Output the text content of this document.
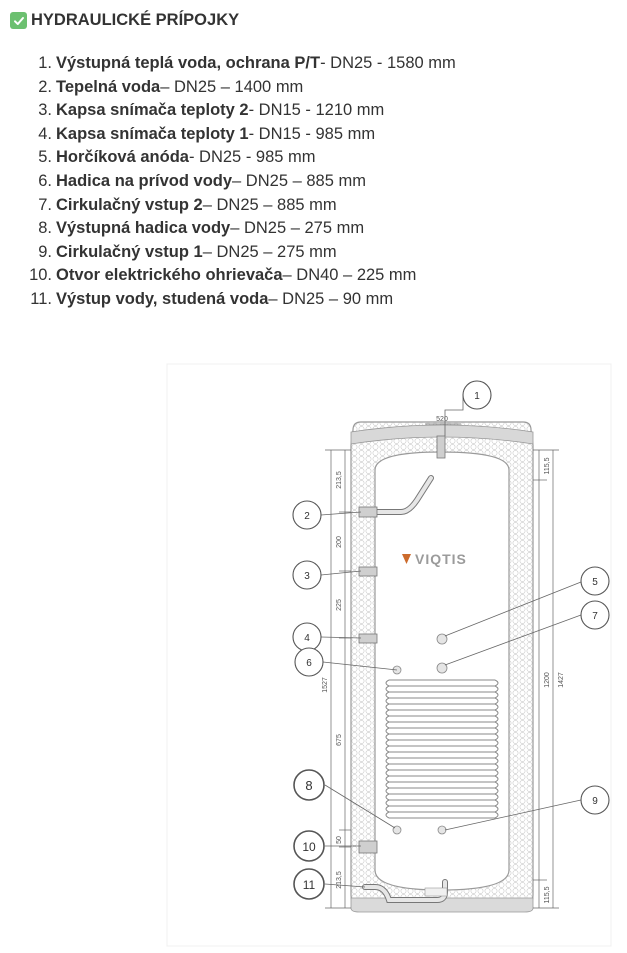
HYDRAULICKÉ PRÍPOJKY
1. Výstupná teplá voda, ochrana P/T - DN25 - 1580 mm
2. Tepelná voda – DN25 – 1400 mm
3. Kapsa snímača teploty 2 - DN15 - 1210 mm
4. Kapsa snímača teploty 1 - DN15 - 985 mm
5. Horčíková anóda - DN25 - 985 mm
6. Hadica na prívod vody – DN25 – 885 mm
7. Cirkulačný vstup 2 – DN25 – 885 mm
8. Výstupná hadica vody – DN25 – 275 mm
9. Cirkulačný vstup 1 – DN25 – 275 mm
10. Otvor elektrického ohrievača – DN40 – 225 mm
11. Výstup vody, studená voda – DN25 – 90 mm
VIQTIS
520
213,5
200
225
1527
675
50
213,5
115,5
1427
1200
115,5
1
2
3
4
6
5
7
8
9
10
11
